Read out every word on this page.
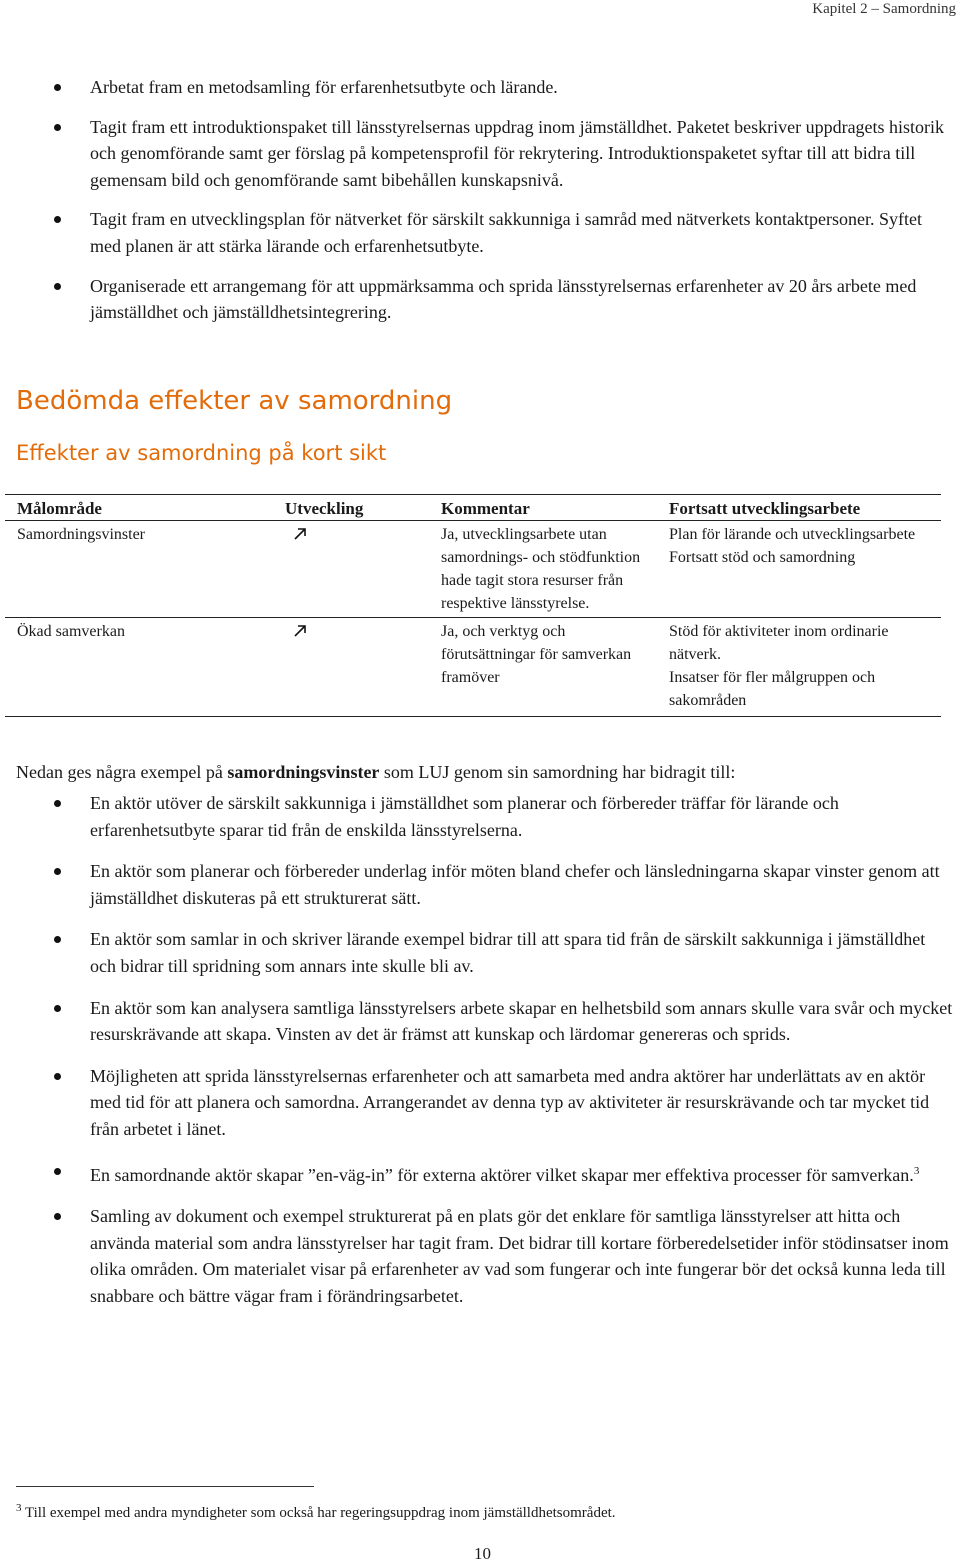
Kapitel 2 – Samordning
Arbetat fram en metodsamling för erfarenhetsutbyte och lärande.
Tagit fram ett introduktionspaket till länsstyrelsernas uppdrag inom jämställdhet. Paketet beskriver uppdragets historik och genomförande samt ger förslag på kompetensprofil för rekrytering. Introduktionspaketet syftar till att bidra till gemensam bild och genomförande samt bibehållen kunskapsnivå.
Tagit fram en utvecklingsplan för nätverket för särskilt sakkunniga i samråd med nätverkets kontaktpersoner. Syftet med planen är att stärka lärande och erfarenhetsutbyte.
Organiserade ett arrangemang för att uppmärksamma och sprida länsstyrelsernas erfarenheter av 20 års arbete med jämställdhet och jämställdhetsintegrering.
Bedömda effekter av samordning
Effekter av samordning på kort sikt
Målområde	Utveckling	Kommentar	Fortsatt utvecklingsarbete
Samordningsvinster		Ja, utvecklingsarbete utan samordnings- och stödfunktion hade tagit stora resurser från respektive länsstyrelse.	Plan för lärande och utvecklingsarbete
Fortsatt stöd och samordning

Ökad samverkan		Ja, och verktyg och förutsättningar för samverkan framöver	Stöd för aktiviteter inom ordinarie nätverk.
Insatser för fler målgruppen och sakområden

Nedan ges några exempel på samordningsvinster som LUJ genom sin samordning har bidragit till:

En aktör utöver de särskilt sakkunniga i jämställdhet som planerar och förbereder träffar för lärande och erfarenhetsutbyte sparar tid från de enskilda länsstyrelserna.
En aktör som planerar och förbereder underlag inför möten bland chefer och länsledningarna skapar vinster genom att jämställdhet diskuteras på ett strukturerat sätt.
En aktör som samlar in och skriver lärande exempel bidrar till att spara tid från de särskilt sakkunniga i jämställdhet och bidrar till spridning som annars inte skulle bli av.
En aktör som kan analysera samtliga länsstyrelsers arbete skapar en helhetsbild som annars skulle vara svår och mycket resurskrävande att skapa. Vinsten av det är främst att kunskap och lärdomar genereras och sprids.
Möjligheten att sprida länsstyrelsernas erfarenheter och att samarbeta med andra aktörer har underlättats av en aktör med tid för att planera och samordna. Arrangerandet av denna typ av aktiviteter är resurskrävande och tar mycket tid från arbetet i länet.
En samordnande aktör skapar ”en-väg-in” för externa aktörer vilket skapar mer effektiva processer för samverkan.$^3$
Samling av dokument och exempel strukturerat på en plats gör det enklare för samtliga länsstyrelser att hitta och använda material som andra länsstyrelser har tagit fram. Det bidrar till kortare förberedelsetider inför stödinsatser inom olika områden. Om materialet visar på erfarenheter av vad som fungerar och inte fungerar bör det också kunna leda till snabbare och bättre vägar fram i förändringsarbetet.

$^3$ Till exempel med andra myndigheter som också har regeringsuppdrag inom jämställdhetsområdet.

10
